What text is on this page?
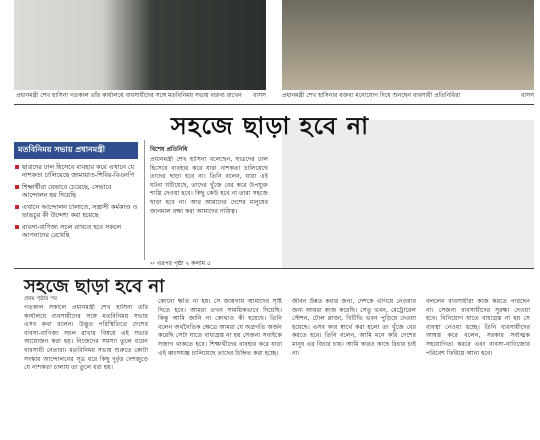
প্রধানমন্ত্রী শেখ হাসিনা গতকাল তাঁর কার্যালয়ে বাবসায়ীদের সঙ্গে মতবিনিময় সভায় বক্তব্য রাখেন বাসস	প্রধানমন্ত্রী শেখ হাসিনার বক্তব্য মনোযোগ দিয়ে শুনছেন ব্যবসায়ী প্রতিনিধিরা	বাসস
সহজে ছাড়া হবে না
মতবিনিময় সভায় প্রধানমন্ত্রী
ছাত্রদের ঢাল হিসেবে ব্যবহার করে এখানে যে নাশকতা চালিয়েছে জামায়াত-শিবির-বিএনপি
শিক্ষার্থীরা যেভাবে চেয়েছে, সেভাবে আন্দোলন হয় দিয়েছি
এখানে আন্দোলন চালাতে, সন্ত্রাসী কর্মকাণ্ড ও ভাঙচুর কী উদ্দেশ্য করা হয়েছে
ব্যবসা-বাণিজ্য সচল রাখতে হবে সকলে আপনাদের রেখেছি
বিশেষ প্রতিনিধি
প্রধানমন্ত্রী শেখ হাসিনা বলেছেন, ছাত্রদের ঢাল হিসেবে ব্যবহার করে যারা নাশকতা চালিয়েছে তাদের ছাড়া হবে না। তিনি বলেন, যারা এই ঘটনা ঘটিয়েছে, তাদের খুঁজে বের করে উপযুক্ত শাস্তি দেওয়া হবে। কিছু কেউ হবে না তারা সহজে ছাড়া হবে না। আর আমাদের দেশের মানুষের জানমাল রক্ষা করা আমাদের দায়িত্ব।
›› এরপর পৃষ্ঠা ২ কলাম ৫
সহজে ছাড়া হবে না
প্রথম পৃষ্ঠার পর
গতকাল সকালে প্রধানমন্ত্রী শেখ হাসিনা তাঁর কার্যালয়ে ব্যবসায়ীদের সঙ্গে মতবিনিময় সভায় এসব কথা বলেন। উদ্ভূত পরিস্থিতিতে দেশের ব্যবসা-বাণিজ্য সচল রাখার বিষয়ে এই সভার আয়োজন করা হয়। নিজেদের সমস্যা তুলে ধরেন ব্যবসায়ী নেতারা। মতবিনিময় সভায় শুরুতে কোটা সংস্কার আন্দোলনের সূত্র ধরে কিছু দুর্বৃত্ত দেশজুড়ে যে নাশকতা চালায় তা তুলে ধরা হয়।
কোনো ক্ষতি না হয়। সে জায়গায় আমাদের সৃষ্টি দিতে হবে। আমরা তখন সাময়িকভাবে দিয়েছি। কিন্তু আমি জানি না কোথাও কী হয়েছে। তিনি বলেন অর্থনৈতিক ক্ষেত্রে আমরা যে অগ্রগতি অর্জন করেছি সেটা যাতে বাধাগ্রস্ত না হয় সেজন্য সবাইকে সজাগ থাকতে হবে। শিক্ষার্থীদের ব্যবহার করে যারা এই ধ্বংসযজ্ঞ চালিয়েছে তাদের চিহ্নিত করা হচ্ছে।
জীবন উন্নত করার জন্য, দেশকে এগিয়ে নেওয়ার জন্য আমরা কাজ করেছি। সেতু ভবন, মেট্রোরেল স্টেশন, টোল প্লাজা, বিটিভি ভবন পুড়িয়ে দেওয়া হয়েছে। এসব কার স্বার্থে করা হলো তা খুঁজে বের করতে হবে। তিনি বলেন, আমি মনে করি দেশের মানুষ এর বিচার চায়। আমি কারও কাছে বিচার চাই না।
বললেন ব্যবসায়ীরা কাজ করতে পারছেন না। সেজন্য ব্যবসায়ীদের সুরক্ষা দেওয়া হবে। বিনিয়োগ যাতে বাধাগ্রস্ত না হয় সে ব্যবস্থা নেওয়া হচ্ছে। তিনি ব্যবসায়ীদের আশ্বস্ত করে বলেন, সরকার সর্বাত্মক সহযোগিতা করবে এবং ব্যবসা-বাণিজ্যের পরিবেশ ফিরিয়ে আনা হবে।
